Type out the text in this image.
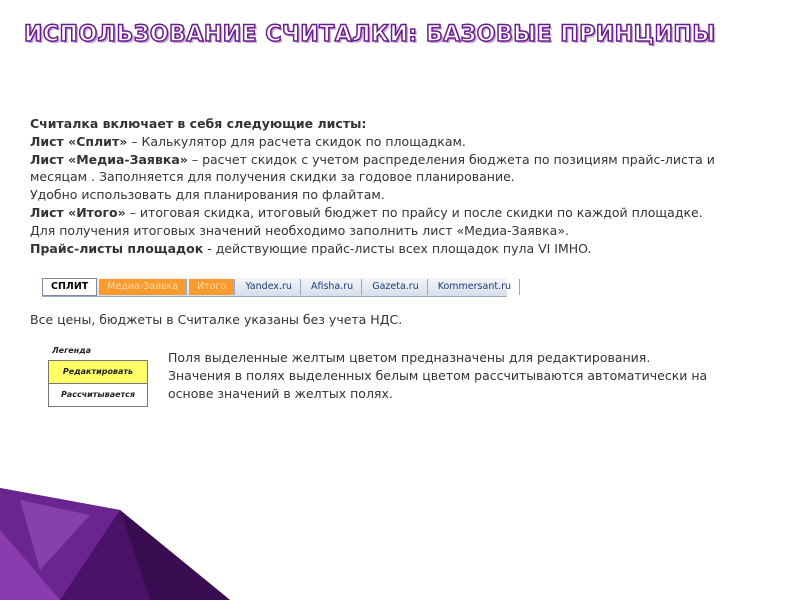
ИСПОЛЬЗОВАНИЕ СЧИТАЛКИ: БАЗОВЫЕ ПРИНЦИПЫ
Считалка включает в себя следующие листы:
Лист «Сплит» – Калькулятор для расчета скидок по площадкам.
Лист «Медиа-Заявка» – расчет скидок с учетом распределения бюджета по позициям прайс-листа и
месяцам . Заполняется для получения скидки за годовое планирование.
Удобно использовать для планирования по флайтам.
Лист «Итого» – итоговая скидка, итоговый бюджет по прайсу и после скидки по каждой площадке.
Для получения итоговых значений необходимо заполнить лист «Медиа-Заявка».
Прайс-листы площадок - действующие прайс-листы всех площадок пула VI IMHO.
СПЛИТ	Медиа-Заявка	Итого	Yandex.ru	Afisha.ru	Gazeta.ru	Kommersant.ru
Все цены, бюджеты в Считалке указаны без учета НДС.
Легенда
Редактировать
Рассчитывается
Поля выделенные желтым цветом предназначены для редактирования.
Значения в полях выделенных белым цветом рассчитываются автоматически на
основе значений в желтых полях.
